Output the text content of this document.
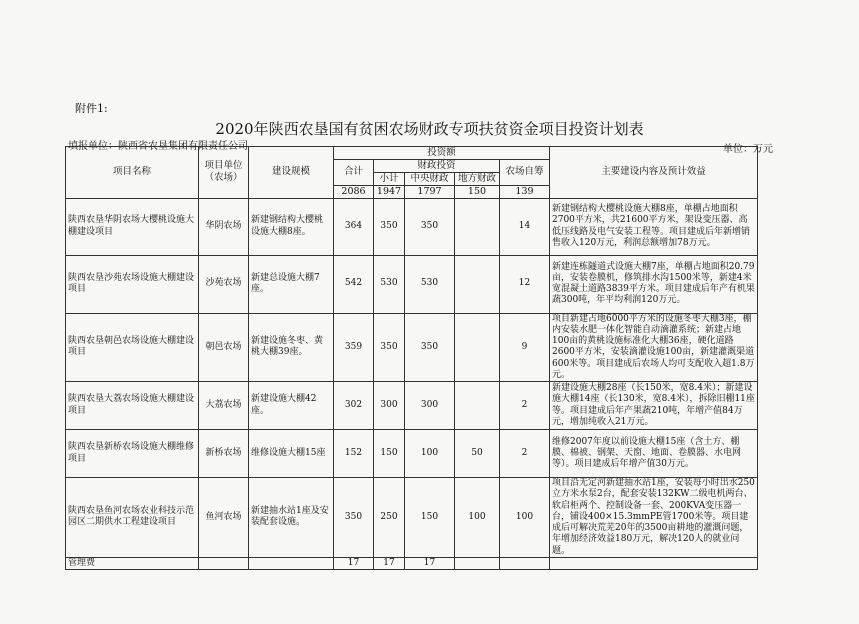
附件1:
2020年陕西农垦国有贫困农场财政专项扶贫资金项目投资计划表
填报单位：陕西省农垦集团有限责任公司	单位：万元
项目名称	项目单位（农场）	建设规模	投资额					主要建设内容及预计效益
			合计	财政投资			农场自筹	
				小计	中央财政	地方财政		
			2086	1947	1797	150	139	
陕西农垦华阴农场大樱桃设施大棚建设项目	华阴农场	新建钢结构大樱桃设施大棚8座。	364	350	350		14	新建钢结构大樱桃设施大棚8座，单棚占地面积2700平方米，共21600平方米，架设变压器、高低压线路及电气安装工程等。项目建成后年新增销售收入120万元，利润总额增加78万元。
陕西农垦沙苑农场设施大棚建设项目	沙苑农场	新建总设施大棚7座。	542	530	530		12	新建连栋隧道式设施大棚7座，单棚占地面积20.79亩，安装卷膜机，修筑排水沟1500米等，新建4米宽混凝土道路3839平方米。项目建成后年产有机果蔬300吨，年平均利润120万元。
陕西农垦朝邑农场设施大棚建设项目	朝邑农场	新建设施冬枣、黄桃大棚39座。	359	350	350		9	项目新建占地6000平方米的设施冬枣大棚3座，棚内安装水肥一体化智能自动滴灌系统；新建占地100亩的黄桃设施标准化大棚36座，硬化道路2600平方米，安装滴灌设施100亩，新建灌溉渠道600米等。项目建成后农场人均可支配收入超1.8万元。
陕西农垦大荔农场设施大棚建设项目	大荔农场	新建设施大棚42座。	302	300	300		2	新建设施大棚28座（长150米，宽8.4米）；新建设施大棚14座（长130米，宽8.4米），拆除旧棚11座等。项目建成后年产果蔬210吨，年增产值84万元，增加纯收入21万元。
陕西农垦新桥农场设施大棚维修项目	新桥农场	维修设施大棚15座	152	150	100	50	2	维修2007年度以前设施大棚15座（含土方、棚膜、棉被、钢架、天窗、地面、卷膜器、水电网等）。项目建成后年增产值30万元。
陕西农垦鱼河农场农业科技示范园区二期供水工程建设项目	鱼河农场	新建抽水站1座及安装配套设施。	350	250	150	100	100	项目沿无定河新建抽水站1座，安装每小时出水250立方米水泵2台，配套安装132KW二级电机两台、软启柜两个、控制设备一套、200KVA变压器一台，铺设400×15.3mmPE管1700米等。项目建成后可解决荒芜20年的3500亩耕地的灌溉问题，年增加经济效益180万元，解决120人的就业问题。
管理费			17	17	17			
